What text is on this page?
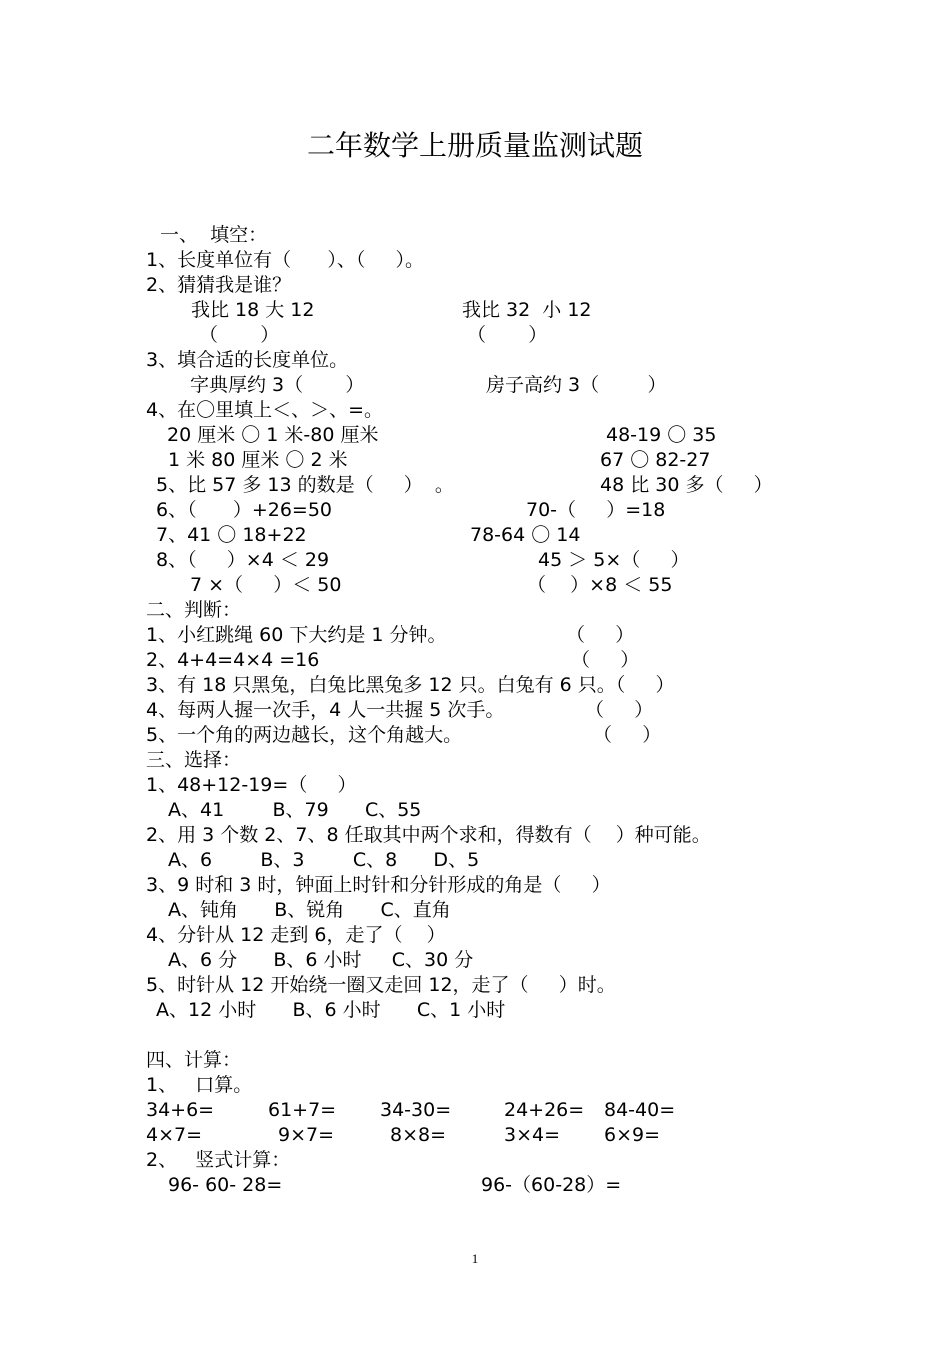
二年数学上册质量监测试题
一、  填空：
1、长度单位有（      ）、（     ）。
2、猜猜我是谁？
我比 18 大 12	我比 32  小 12
（       ）	（       ）
3、填合适的长度单位。
字典厚约 3（       ）	房子高约 3（        ）
4、在〇里填上＜、＞、=。
20 厘米 〇 1 米-80 厘米	48-19 〇 35
1 米 80 厘米 〇 2 米	67 〇 82-27
5、比 57 多 13 的数是（     ）  。	48 比 30 多（     ）
6、（      ）+26=50	70-（     ）=18
7、41 〇 18+22	78-64 〇 14
8、（     ）×4 ＜ 29	45 ＞ 5×（     ）
7 ×（     ）＜ 50	（    ）×8 ＜ 55
二、判断：
1、小红跳绳 60 下大约是 1 分钟。	（     ）
2、4+4=4×4 =16	（     ）
3、有 18 只黑兔，白兔比黑兔多 12 只。白兔有 6 只。（     ）
4、每两人握一次手，4 人一共握 5 次手。	（     ）
5、一个角的两边越长，这个角越大。	（     ）
三、选择：
1、48+12-19=（     ）
A、41        B、79      C、55
2、用 3 个数 2、7、8 任取其中两个求和，得数有（    ）种可能。
A、6        B、3        C、8      D、5
3、9 时和 3 时，钟面上时针和分针形成的角是（     ）
A、钝角      B、锐角      C、直角
4、分针从 12 走到 6，走了（    ）
A、6 分      B、6 小时     C、30 分
5、时针从 12 开始绕一圈又走回 12，走了（     ）时。
A、12 小时      B、6 小时      C、1 小时
四、计算：
1、   口算。
34+6=	61+7= 34-30=	24+26= 84-40=
4×7=	9×7=	8×8=	3×4= 6×9=
2、   竖式计算：
96- 60- 28=	96-（60-28）=
1
